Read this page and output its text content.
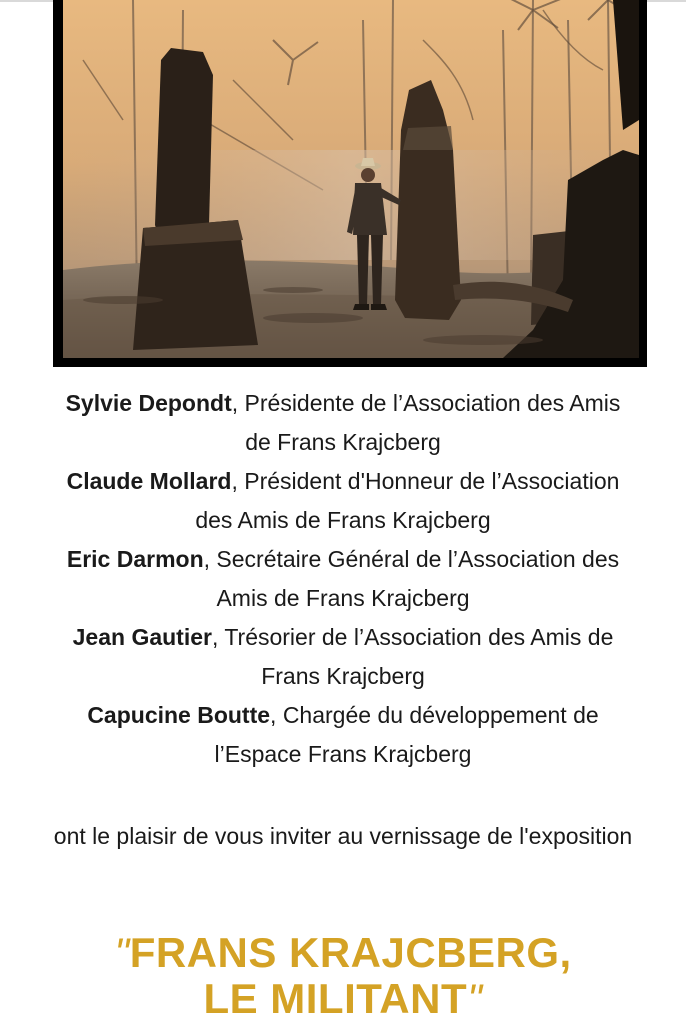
Sylvie Depondt, Présidente de l’Association des Amis de Frans Krajcberg
Claude Mollard, Président d'Honneur de l’Association des Amis de Frans Krajcberg
Eric Darmon, Secrétaire Général de l’Association des Amis de Frans Krajcberg
Jean Gautier, Trésorier de l’Association des Amis de Frans Krajcberg
Capucine Boutte, Chargée du développement de l’Espace Frans Krajcberg
ont le plaisir de vous inviter au vernissage de l'exposition
"FRANS KRAJCBERG,
LE MILITANT"
